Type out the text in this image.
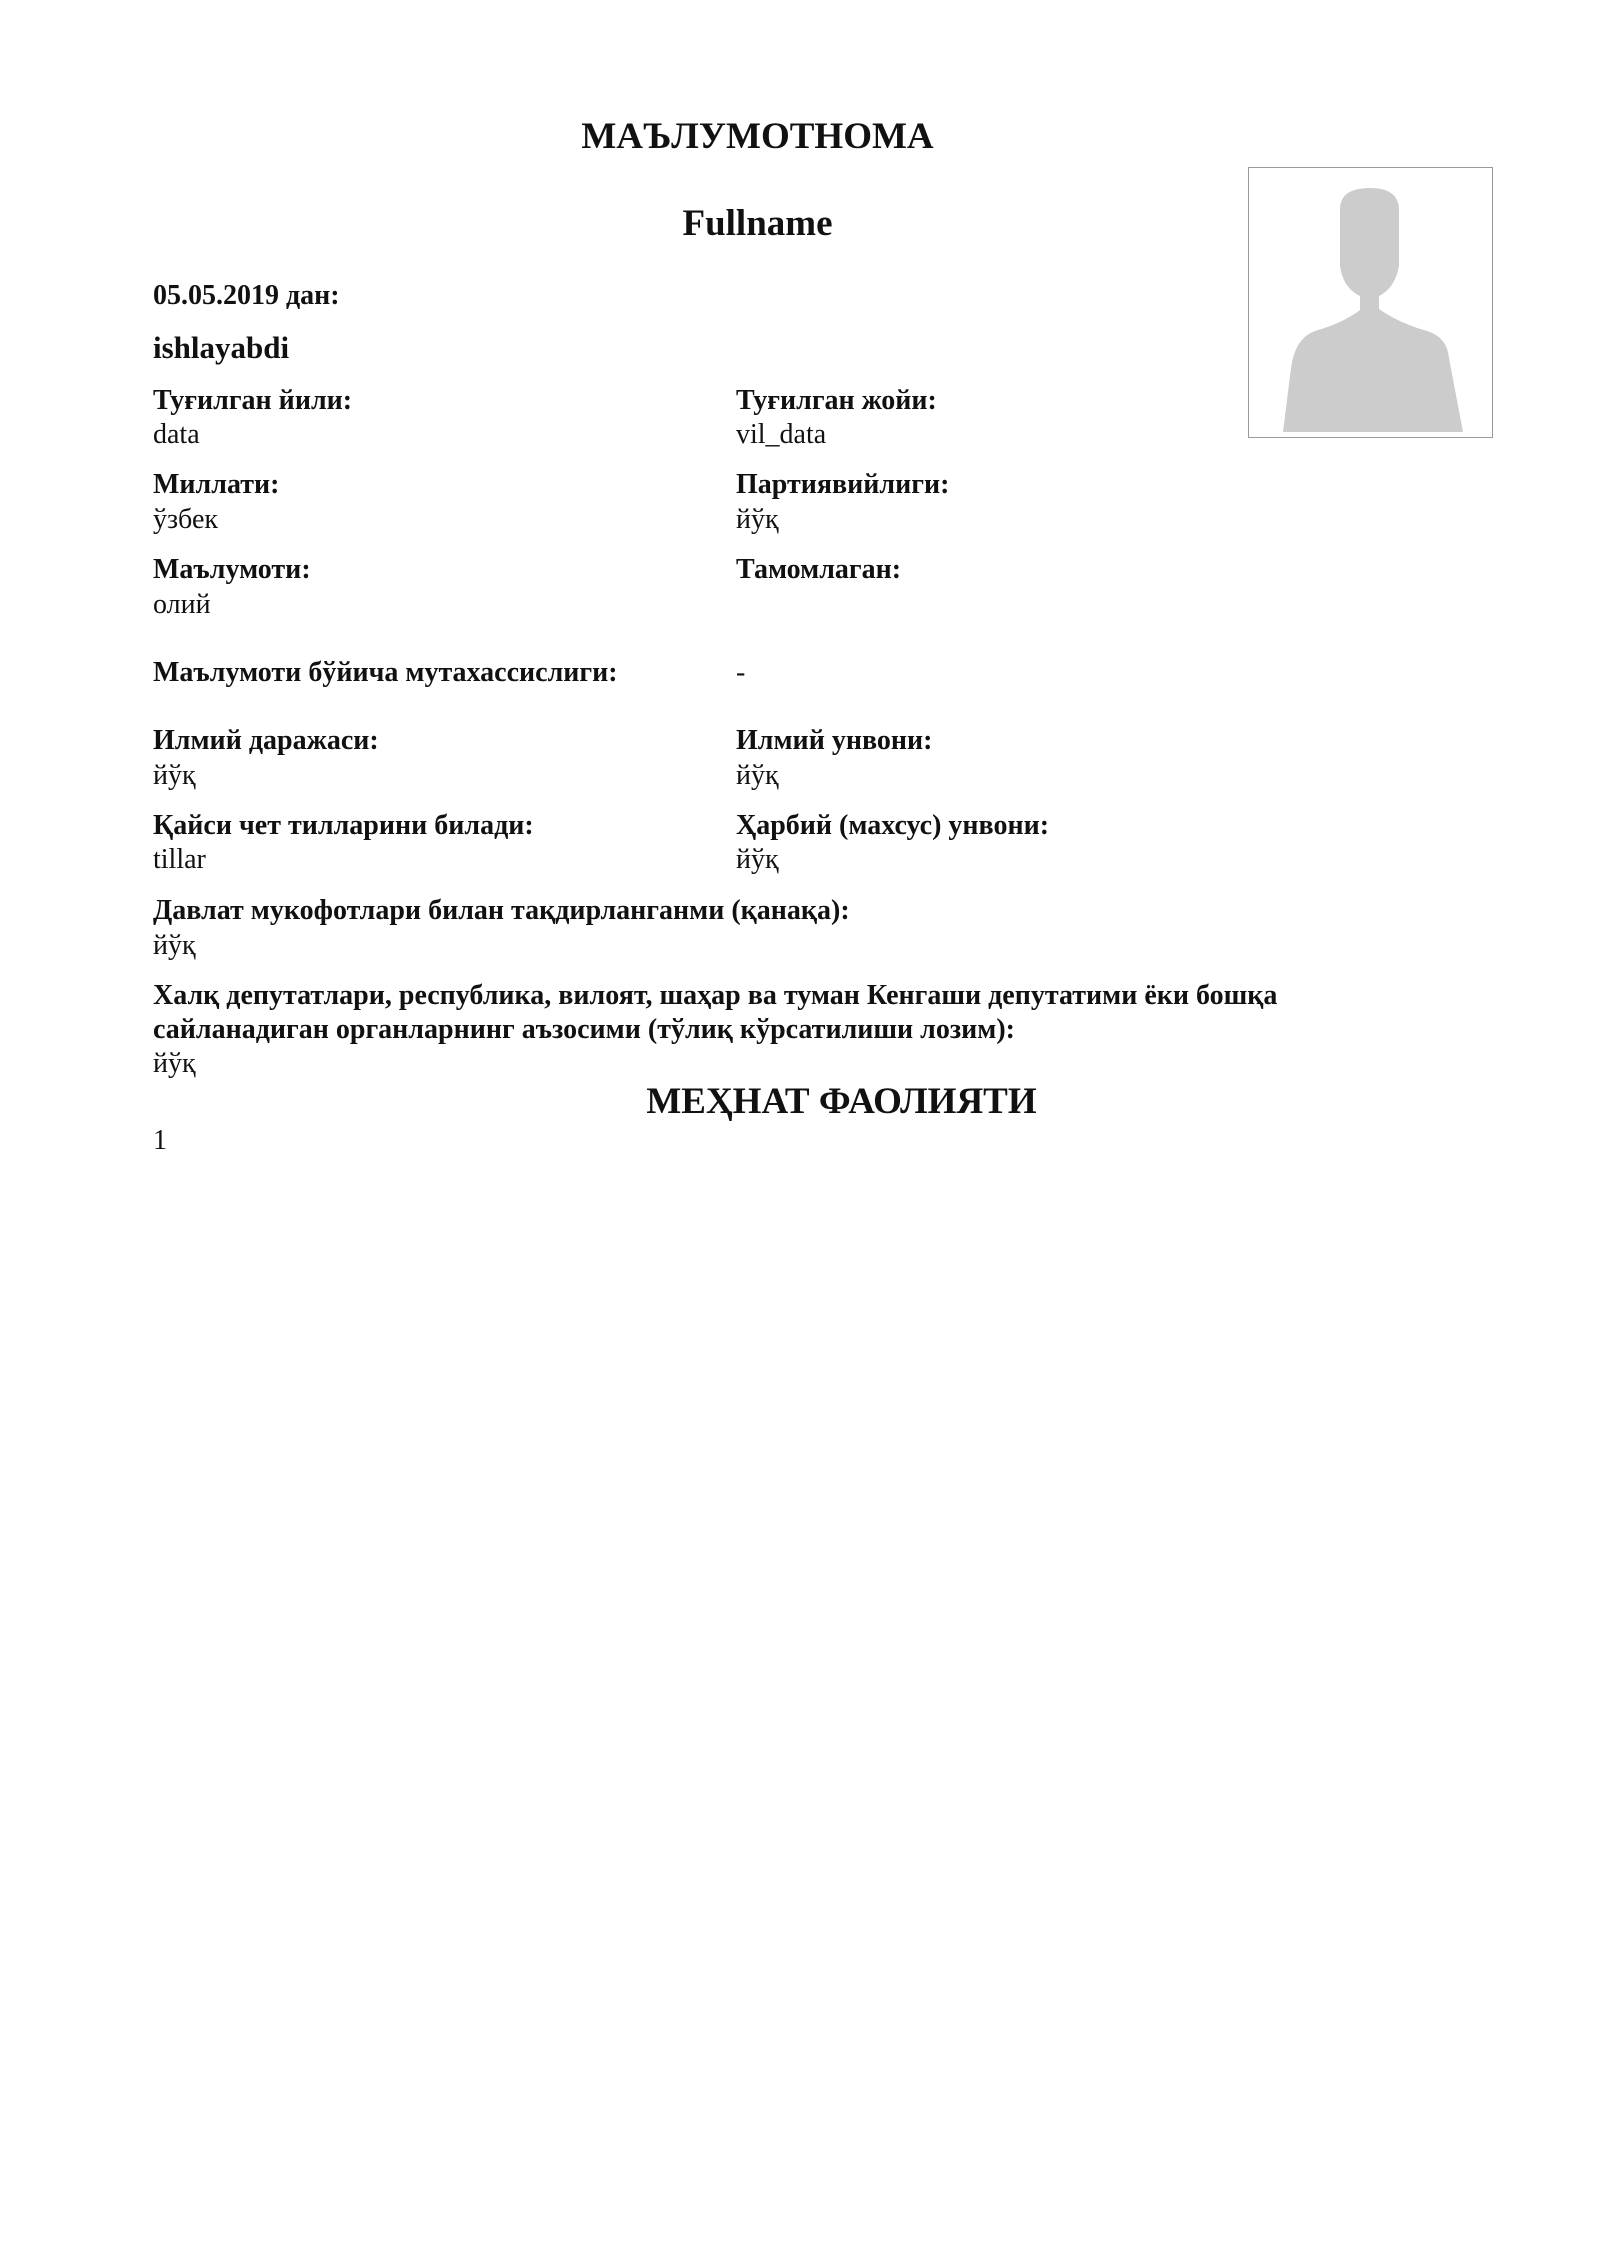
МАЪЛУМОТНОМА
Fullname
05.05.2019 дан:
ishlayabdi
Туғилган йили:
data
Туғилган жойи:
vil_data
Миллати:
ўзбек
Партиявийлиги:
йўқ
Маълумоти:
олий
Тамомлаган:
Маълумоти бўйича мутахассислиги:	-
Илмий даражаси:
йўқ
Илмий унвони:
йўқ
Қайси чет тилларини билади:
tillar
Ҳарбий (махсус) унвони:
йўқ
Давлат мукофотлари билан тақдирланганми (қанақа):
йўқ
Халқ депутатлари, республика, вилоят, шаҳар ва туман Кенгаши депутатими ёки бошқа
сайланадиган органларнинг аъзосими (тўлиқ кўрсатилиши лозим):
йўқ
МЕҲНАТ ФАОЛИЯТИ
1
